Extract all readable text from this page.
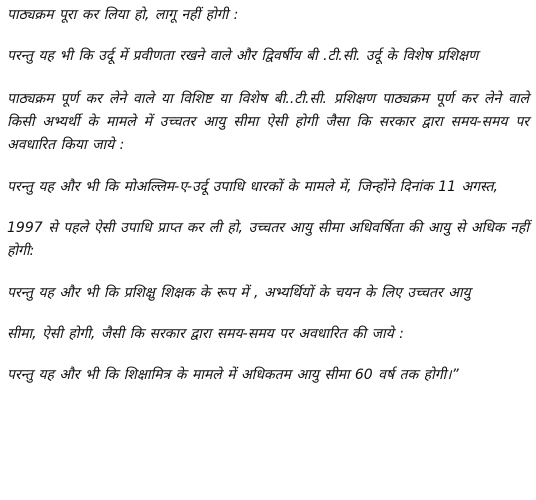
पाठ्यक्रम पूरा कर लिया हो, लागू नहीं होगी :

परन्तु यह भी कि उर्दू में प्रवीणता रखने वाले और द्विवर्षीय बी .टी.सी. उर्दू के विशेष प्रशिक्षण

पाठ्यक्रम पूर्ण कर लेने वाले या विशिष्ट या विशेष बी..टी.सी. प्रशिक्षण पाठ्यक्रम पूर्ण कर लेने वाले किसी अभ्यर्थी के मामले में उच्चतर आयु सीमा ऐसी होगी जैसा कि सरकार द्वारा समय-समय पर अवधारित किया जाये :

परन्तु यह और भी कि मोअल्लिम-ए-उर्दू उपाधि धारकों के मामले में, जिन्होंने दिनांक 11 अगस्त,

1997 से पहले ऐसी उपाधि प्राप्त कर ली हो, उच्चतर आयु सीमा अधिवर्षिता की आयु से अधिक नहीं होगी:

परन्तु यह और भी कि प्रशिक्षु शिक्षक के रूप में , अभ्यर्थियों के चयन के लिए उच्चतर आयु

सीमा, ऐसी होगी, जैसी कि सरकार द्वारा समय-समय पर अवधारित की जाये :

परन्तु यह और भी कि शिक्षामित्र के मामले में अधिकतम आयु सीमा 60 वर्ष तक होगी।”
